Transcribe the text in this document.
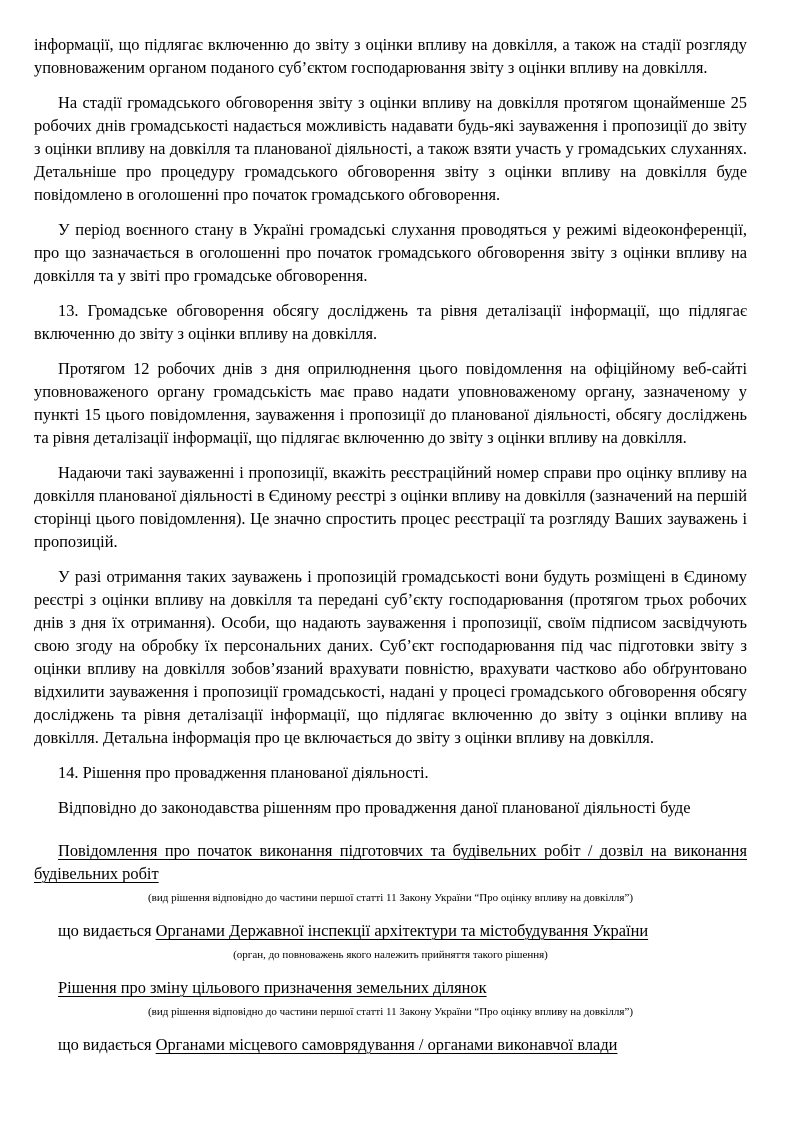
інформації, що підлягає включенню до звіту з оцінки впливу на довкілля, а також на стадії розгляду уповноваженим органом поданого суб’єктом господарювання звіту з оцінки впливу на довкілля.

На стадії громадського обговорення звіту з оцінки впливу на довкілля протягом щонайменше 25 робочих днів громадськості надається можливість надавати будь-які зауваження і пропозиції до звіту з оцінки впливу на довкілля та планованої діяльності, а також взяти участь у громадських слуханнях. Детальніше про процедуру громадського обговорення звіту з оцінки впливу на довкілля буде повідомлено в оголошенні про початок громадського обговорення.

У період воєнного стану в Україні громадські слухання проводяться у режимі відеоконференції, про що зазначається в оголошенні про початок громадського обговорення звіту з оцінки впливу на довкілля та у звіті про громадське обговорення.

13. Громадське обговорення обсягу досліджень та рівня деталізації інформації, що підлягає включенню до звіту з оцінки впливу на довкілля.

Протягом 12 робочих днів з дня оприлюднення цього повідомлення на офіційному веб-сайті уповноваженого органу громадськість має право надати уповноваженому органу, зазначеному у пункті 15 цього повідомлення, зауваження і пропозиції до планованої діяльності, обсягу досліджень та рівня деталізації інформації, що підлягає включенню до звіту з оцінки впливу на довкілля.

Надаючи такі зауваженні і пропозиції, вкажіть реєстраційний номер справи про оцінку впливу на довкілля планованої діяльності в Єдиному реєстрі з оцінки впливу на довкілля (зазначений на першій сторінці цього повідомлення). Це значно спростить процес реєстрації та розгляду Ваших зауважень і пропозицій.

У разі отримання таких зауважень і пропозицій громадськості вони будуть розміщені в Єдиному реєстрі з оцінки впливу на довкілля та передані суб’єкту господарювання (протягом трьох робочих днів з дня їх отримання). Особи, що надають зауваження і пропозиції, своїм підписом засвідчують свою згоду на обробку їх персональних даних. Суб’єкт господарювання під час підготовки звіту з оцінки впливу на довкілля зобов’язаний врахувати повністю, врахувати частково або обґрунтовано відхилити зауваження і пропозиції громадськості, надані у процесі громадського обговорення обсягу досліджень та рівня деталізації інформації, що підлягає включенню до звіту з оцінки впливу на довкілля. Детальна інформація про це включається до звіту з оцінки впливу на довкілля.

14. Рішення про провадження планованої діяльності.

Відповідно до законодавства рішенням про провадження даної планованої діяльності буде

Повідомлення про початок виконання підготовчих та будівельних робіт / дозвіл на виконання будівельних робіт

(вид рішення відповідно до частини першої статті 11 Закону України “Про оцінку впливу на довкілля”)

що видається Органами Державної інспекції архітектури та містобудування України

(орган, до повноважень якого належить прийняття такого рішення)

Рішення про зміну цільового призначення земельних ділянок

(вид рішення відповідно до частини першої статті 11 Закону України “Про оцінку впливу на довкілля”)

що видається Органами місцевого самоврядування / органами виконавчої влади
